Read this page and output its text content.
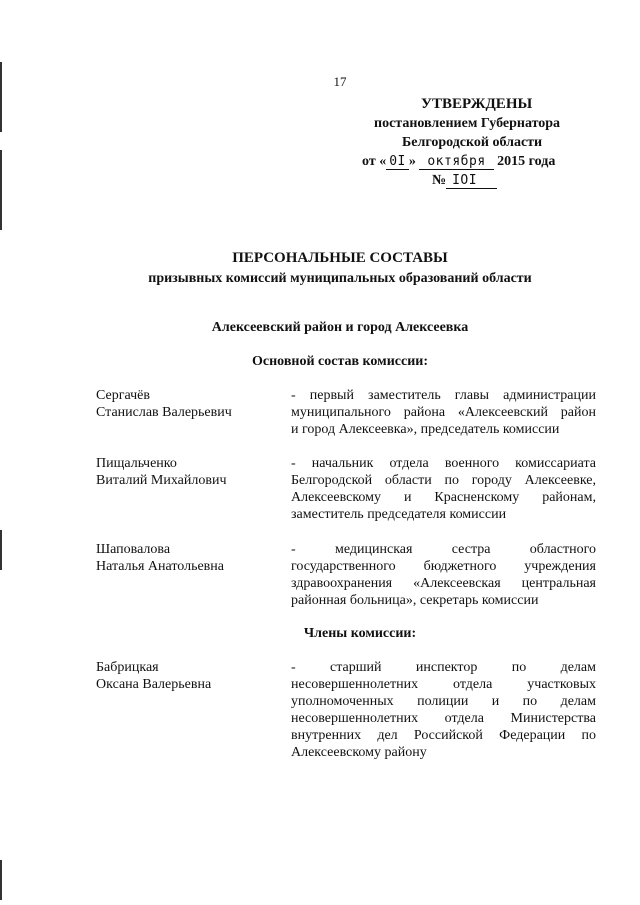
17
УТВЕРЖДЕНЫ
постановлением Губернатора
Белгородской области
от « 0I » октября 2015 года
№ IOI
ПЕРСОНАЛЬНЫЕ СОСТАВЫ
призывных комиссий муниципальных образований области
Алексеевский район и город Алексеевка
Основной состав комиссии:
Сергачёв
Станислав Валерьевич
- первый заместитель главы администрации
муниципального района «Алексеевский район
и город Алексеевка», председатель комиссии
Пищальченко
Виталий Михайлович
- начальник отдела военного комиссариата
Белгородской области по городу Алексеевке,
Алексеевскому и Красненскому районам,
заместитель председателя комиссии
Шаповалова
Наталья Анатольевна
- медицинская сестра областного
государственного бюджетного учреждения
здравоохранения «Алексеевская центральная
районная больница», секретарь комиссии
Члены комиссии:
Бабрицкая
Оксана Валерьевна
- старший инспектор по делам
несовершеннолетних отдела участковых
уполномоченных полиции и по делам
несовершеннолетних отдела Министерства
внутренних дел Российской Федерации по
Алексеевскому району
